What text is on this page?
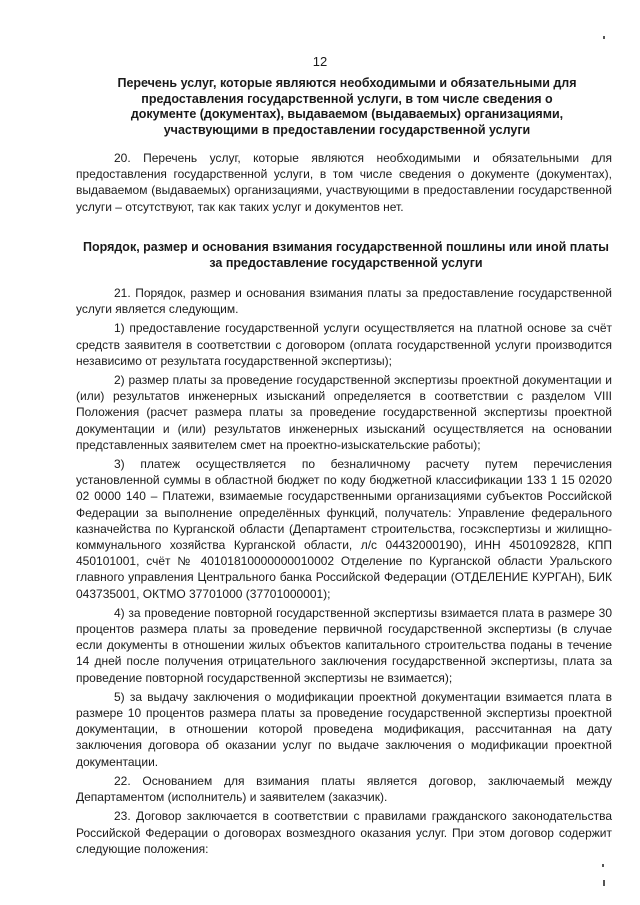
12
Перечень услуг, которые являются необходимыми и обязательными для предоставления государственной услуги, в том числе сведения о документе (документах), выдаваемом (выдаваемых) организациями, участвующими в предоставлении государственной услуги
20. Перечень услуг, которые являются необходимыми и обязательными для предоставления государственной услуги, в том числе сведения о документе (документах), выдаваемом (выдаваемых) организациями, участвующими в предоставлении государственной услуги – отсутствуют, так как таких услуг и документов нет.
Порядок, размер и основания взимания государственной пошлины или иной платы за предоставление государственной услуги

21. Порядок, размер и основания взимания платы за предоставление государственной услуги является следующим.

1) предоставление государственной услуги осуществляется на платной основе за счёт средств заявителя в соответствии с договором (оплата государственной услуги производится независимо от результата государственной экспертизы);

2) размер платы за проведение государственной экспертизы проектной документации и (или) результатов инженерных изысканий определяется в соответствии с разделом VIII Положения (расчет размера платы за проведение государственной экспертизы проектной документации и (или) результатов инженерных изысканий осуществляется на основании представленных заявителем смет на проектно-изыскательские работы);

3) платеж осуществляется по безналичному расчету путем перечисления установленной суммы в областной бюджет по коду бюджетной классификации 133 1 15 02020 02 0000 140 – Платежи, взимаемые государственными организациями субъектов Российской Федерации за выполнение определённых функций, получатель: Управление федерального казначейства по Курганской области (Департамент строительства, госэкспертизы и жилищно-коммунального хозяйства Курганской области, л/с 04432000190), ИНН 4501092828, КПП 450101001, счёт № 40101810000000010002 Отделение по Курганской области Уральского главного управления Центрального банка Российской Федерации (ОТДЕЛЕНИЕ КУРГАН), БИК 043735001, ОКТМО 37701000 (37701000001);

4) за проведение повторной государственной экспертизы взимается плата в размере 30 процентов размера платы за проведение первичной государственной экспертизы (в случае если документы в отношении жилых объектов капитального строительства поданы в течение 14 дней после получения отрицательного заключения государственной экспертизы, плата за проведение повторной государственной экспертизы не взимается);

5) за выдачу заключения о модификации проектной документации взимается плата в размере 10 процентов размера платы за проведение государственной экспертизы проектной документации, в отношении которой проведена модификация, рассчитанная на дату заключения договора об оказании услуг по выдаче заключения о модификации проектной документации.

22. Основанием для взимания платы является договор, заключаемый между Департаментом (исполнитель) и заявителем (заказчик).

23. Договор заключается в соответствии с правилами гражданского законодательства Российской Федерации о договорах возмездного оказания услуг. При этом договор содержит следующие положения:
